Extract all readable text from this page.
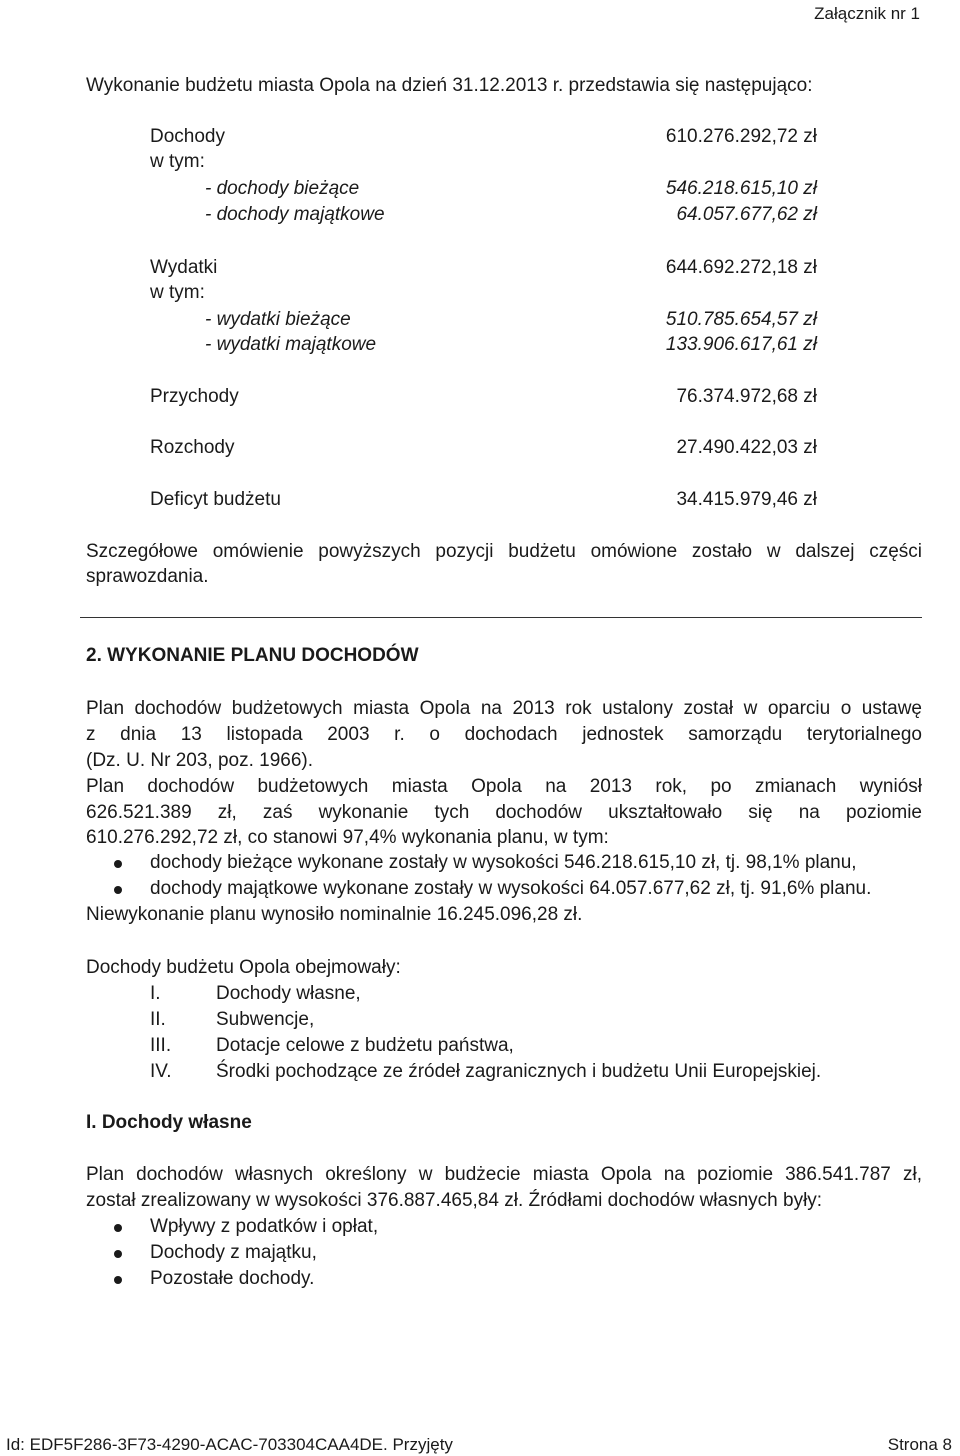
Załącznik nr 1
Wykonanie budżetu miasta Opola na dzień 31.12.2013 r. przedstawia się następująco:
Dochody	610.276.292,72 zł
w tym:
- dochody bieżące	546.218.615,10 zł
- dochody majątkowe	64.057.677,62 zł
Wydatki	644.692.272,18 zł
w tym:
- wydatki bieżące	510.785.654,57 zł
- wydatki majątkowe	133.906.617,61 zł
Przychody	76.374.972,68 zł
Rozchody	27.490.422,03 zł
Deficyt budżetu	34.415.979,46 zł
Szczegółowe omówienie powyższych pozycji budżetu omówione zostało w dalszej części
sprawozdania.
2. WYKONANIE PLANU DOCHODÓW
Plan dochodów budżetowych miasta Opola na 2013 rok ustalony został w oparciu o ustawę
z dnia 13 listopada 2003 r. o dochodach jednostek samorządu terytorialnego
(Dz. U. Nr 203, poz. 1966).
Plan dochodów budżetowych miasta Opola na 2013 rok, po zmianach wyniósł
626.521.389 zł, zaś wykonanie tych dochodów ukształtowało się na poziomie
610.276.292,72 zł, co stanowi 97,4% wykonania planu, w tym:
dochody bieżące wykonane zostały w wysokości 546.218.615,10 zł, tj. 98,1% planu,
dochody majątkowe wykonane zostały w wysokości 64.057.677,62 zł, tj. 91,6% planu.
Niewykonanie planu wynosiło nominalnie 16.245.096,28 zł.
Dochody budżetu Opola obejmowały:
I.	Dochody własne,
II.	Subwencje,
III. Dotacje celowe z budżetu państwa,
IV. Środki pochodzące ze źródeł zagranicznych i budżetu Unii Europejskiej.
I. Dochody własne
Plan dochodów własnych określony w budżecie miasta Opola na poziomie 386.541.787 zł,
został zrealizowany w wysokości 376.887.465,84 zł. Źródłami dochodów własnych były:
Wpływy z podatków i opłat,
Dochody z majątku,
Pozostałe dochody.
Id: EDF5F286-3F73-4290-ACAC-703304CAA4DE. Przyjęty	Strona 8
